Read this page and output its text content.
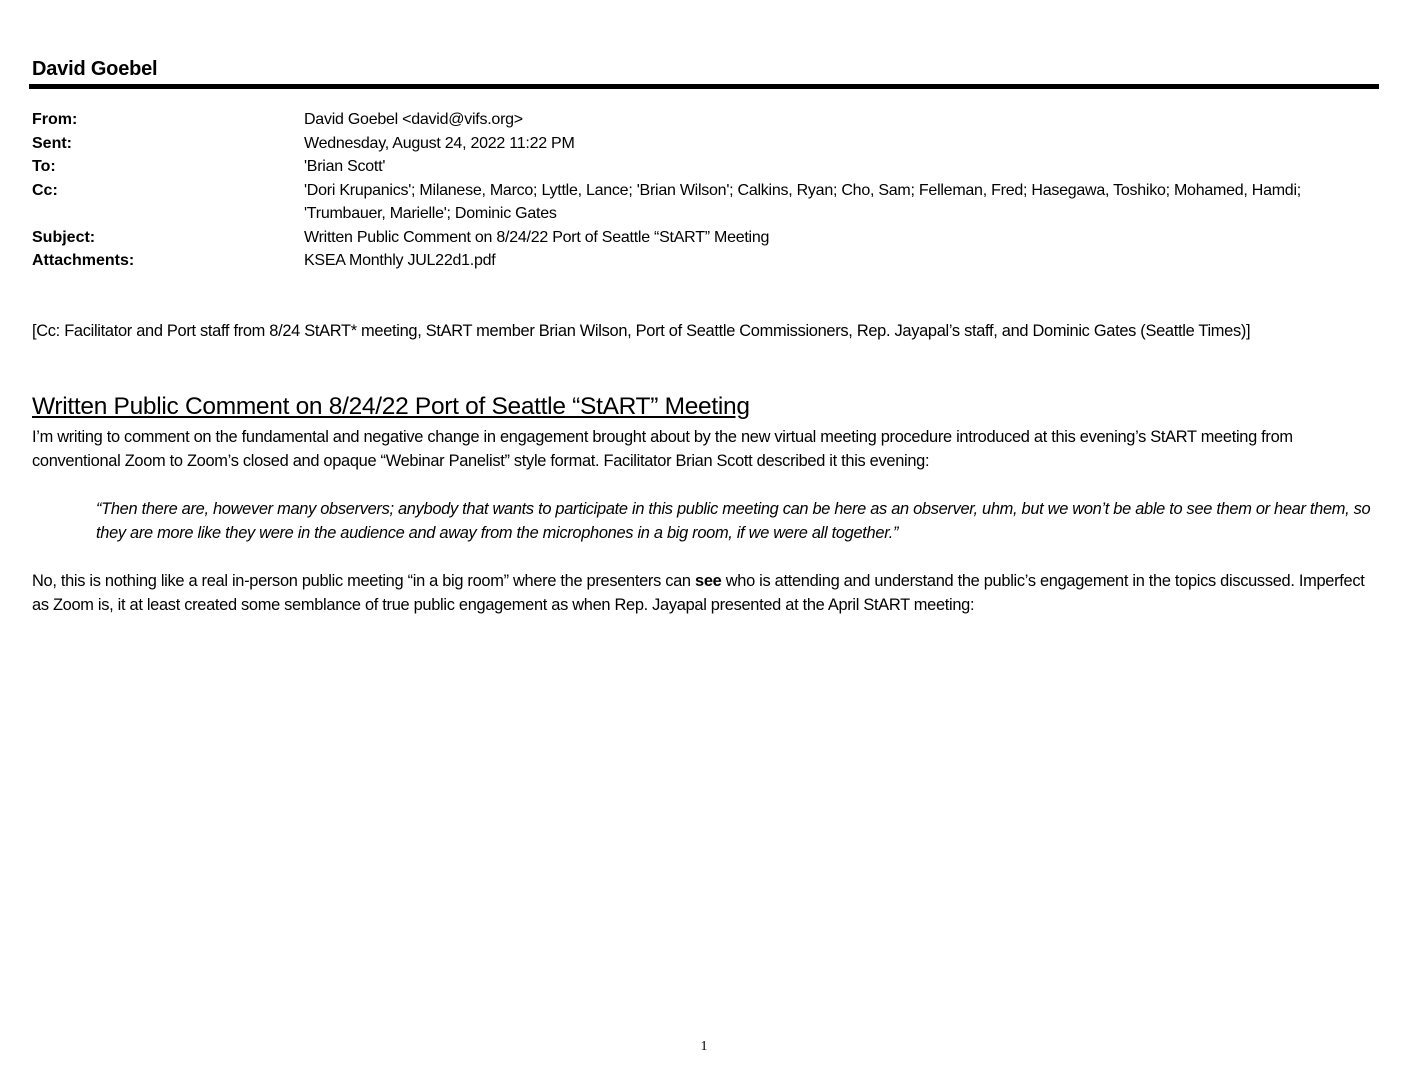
David Goebel
From:	David Goebel <david@vifs.org>
Sent:	Wednesday, August 24, 2022 11:22 PM
To:	'Brian Scott'
Cc:	'Dori Krupanics'; Milanese, Marco; Lyttle, Lance; 'Brian Wilson'; Calkins, Ryan; Cho, Sam; Felleman, Fred; Hasegawa, Toshiko; Mohamed, Hamdi; 'Trumbauer, Marielle'; Dominic Gates
Subject:	Written Public Comment on 8/24/22 Port of Seattle “StART” Meeting
Attachments:	KSEA Monthly JUL22d1.pdf
[Cc: Facilitator and Port staff from 8/24 StART* meeting, StART member Brian Wilson, Port of Seattle Commissioners, Rep. Jayapal’s staff, and Dominic Gates (Seattle Times)]
Written Public Comment on 8/24/22 Port of Seattle “StART” Meeting
I’m writing to comment on the fundamental and negative change in engagement brought about by the new virtual meeting procedure introduced at this evening’s StART meeting from conventional Zoom to Zoom’s closed and opaque “Webinar Panelist” style format. Facilitator Brian Scott described it this evening:
“Then there are, however many observers; anybody that wants to participate in this public meeting can be here as an observer, uhm, but we won’t be able to see them or hear them, so they are more like they were in the audience and away from the microphones in a big room, if we were all together.”
No, this is nothing like a real in-person public meeting “in a big room” where the presenters can see who is attending and understand the public’s engagement in the topics discussed. Imperfect as Zoom is, it at least created some semblance of true public engagement as when Rep. Jayapal presented at the April StART meeting:
1
